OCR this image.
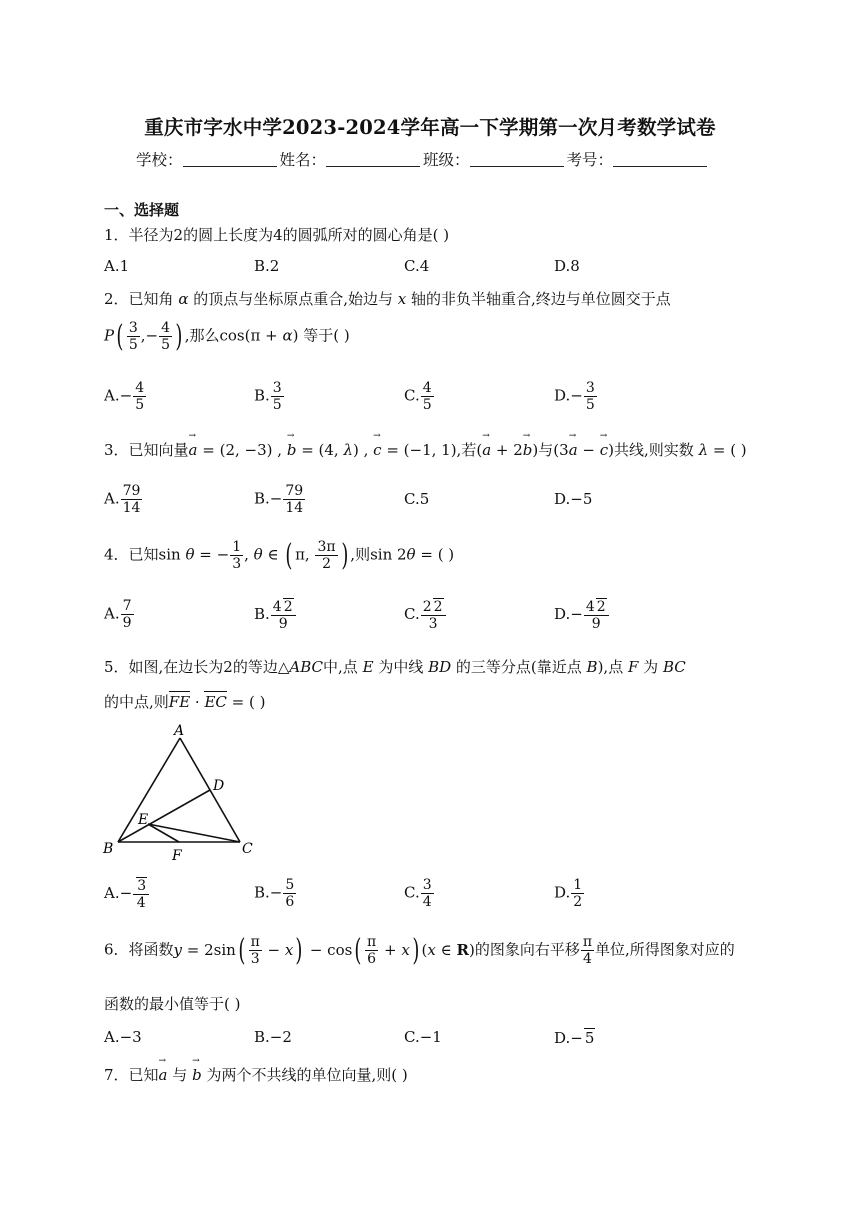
重庆市字水中学2023-2024学年高一下学期第一次月考数学试卷
学校：	姓名：	班级：	考号：
一、选择题
1．半径为2的圆上长度为4的圆弧所对的圆心角是( )
A.1	B.2	C.4	D.8
2．已知角 α 的顶点与坐标原点重合,始边与 x 轴的非负半轴重合,终边与单位圆交于点
$P( \frac{3}{5}$ ,− $\frac{4}{5}$ ) ,那么cos(π + α) 等于( )
$A.- \frac{4}{5}$	B. $\frac{3}{5}$	C. $\frac{4}{5}$	$D.- \frac{3}{5}$
3．已知向量→ a = (2, −3) , → b = (4, λ) , → c = (−1, 1),若(→ a + 2→ b)与(3→ a − → c)共线,则实数 λ = ( )
A. $\frac{79}{14}$	$B.- \frac{79}{14}$	C.5	D.−5
4．已知sin θ = − $\frac{1}{3}$ , θ ∈ ( π, $\frac{3\pi}{2}$ ) ,则sin 2θ = ( )
A. $\frac{7}{9}$	B. $\frac{4 2}{9}$	C. $\frac{2 2}{3}$	$D.- \frac{4 2}{9}$
5．如图,在边长为2的等边△ABC中,点 E 为中线 BD 的三等分点(靠近点 B),点 F 为 BC
的中点,则FE · EC = ( )
A
B	C
D
E
F
$A.- \frac{3}{4}$	$B.- \frac{5}{6}$	C. $\frac{3}{4}$	D. $\frac{1}{2}$
6．将函数$y = 2\sin( \frac{\pi}{3} - x) - \cos( \frac{\pi}{6} + x)$ (x ∈ R)的图象向右平移 $\frac{\pi}{4}$ 单位,所得图象对应的
函数的最小值等于( )
A.−3	B.−2	C.−1	D.− 5
7．已知→ a 与 → b 为两个不共线的单位向量,则( )
